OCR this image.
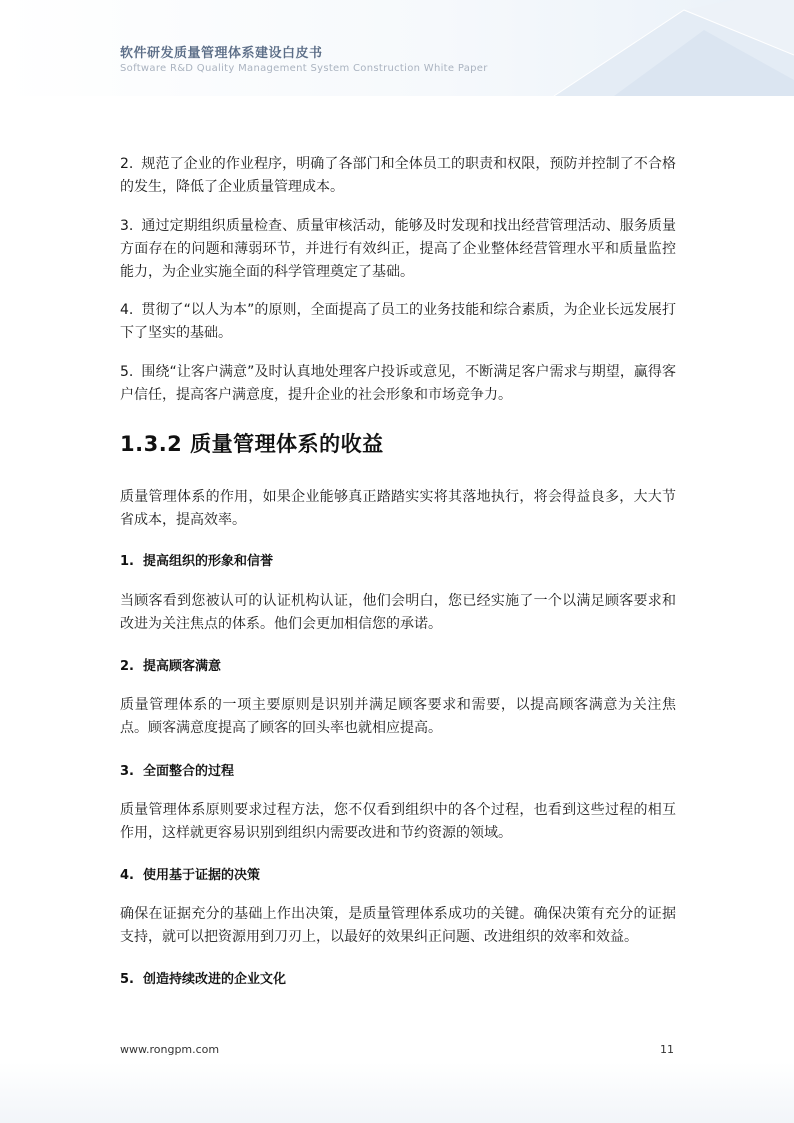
软件研发质量管理体系建设白皮书
Software R&D Quality Management System Construction White Paper

2. 规范了企业的作业程序，明确了各部门和全体员工的职责和权限，预防并控制了不合格的发生，降低了企业质量管理成本。

3. 通过定期组织质量检查、质量审核活动，能够及时发现和找出经营管理活动、服务质量方面存在的问题和薄弱环节，并进行有效纠正，提高了企业整体经营管理水平和质量监控能力，为企业实施全面的科学管理奠定了基础。

4. 贯彻了“以人为本”的原则，全面提高了员工的业务技能和综合素质，为企业长远发展打下了坚实的基础。

5. 围绕“让客户满意”及时认真地处理客户投诉或意见，不断满足客户需求与期望，赢得客户信任，提高客户满意度，提升企业的社会形象和市场竞争力。

1.3.2 质量管理体系的收益

质量管理体系的作用，如果企业能够真正踏踏实实将其落地执行，将会得益良多，大大节省成本，提高效率。

1. 提高组织的形象和信誉

当顾客看到您被认可的认证机构认证，他们会明白，您已经实施了一个以满足顾客要求和改进为关注焦点的体系。他们会更加相信您的承诺。

2. 提高顾客满意

质量管理体系的一项主要原则是识别并满足顾客要求和需要，以提高顾客满意为关注焦点。顾客满意度提高了顾客的回头率也就相应提高。

3. 全面整合的过程

质量管理体系原则要求过程方法，您不仅看到组织中的各个过程，也看到这些过程的相互作用，这样就更容易识别到组织内需要改进和节约资源的领域。

4. 使用基于证据的决策

确保在证据充分的基础上作出决策，是质量管理体系成功的关键。确保决策有充分的证据支持，就可以把资源用到刀刃上，以最好的效果纠正问题、改进组织的效率和效益。

5. 创造持续改进的企业文化
www.rongpm.com	11
